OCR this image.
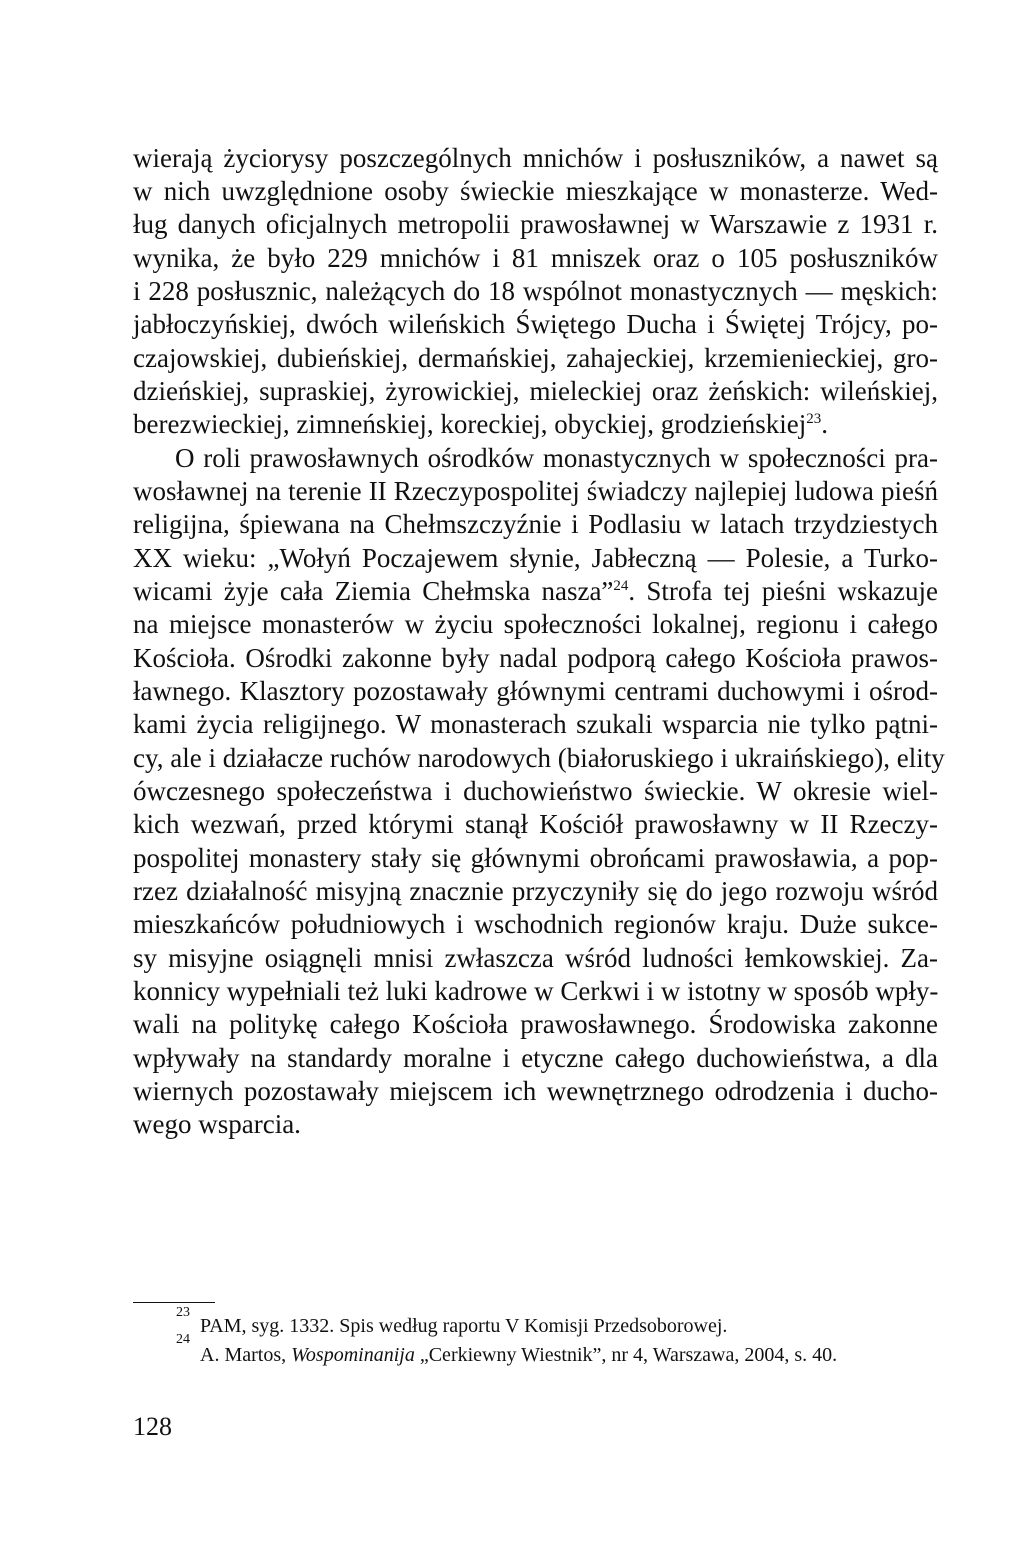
wierają życiorysy poszczególnych mnichów i posłuszników, a nawet są
w nich uwzględnione osoby świeckie mieszkające w monasterze. Wed-
ług danych oficjalnych metropolii prawosławnej w Warszawie z 1931 r.
wynika, że było 229 mnichów i 81 mniszek oraz o 105 posłuszników
i 228 posłusznic, należących do 18 wspólnot monastycznych — męskich:
jabłoczyńskiej, dwóch wileńskich Świętego Ducha i Świętej Trójcy, po-
czajowskiej, dubieńskiej, dermańskiej, zahajeckiej, krzemienieckiej, gro-
dzieńskiej, supraskiej, żyrowickiej, mieleckiej oraz żeńskich: wileńskiej,
berezwieckiej, zimneńskiej, koreckiej, obyckiej, grodzieńskiej$^{23}$.
O roli prawosławnych ośrodków monastycznych w społeczności pra-
wosławnej na terenie II Rzeczypospolitej świadczy najlepiej ludowa pieśń
religijna, śpiewana na Chełmszczyźnie i Podlasiu w latach trzydziestych
XX wieku: „Wołyń Poczajewem słynie, Jabłeczną — Polesie, a Turko-
wicami żyje cała Ziemia Chełmska nasza”$^{24}$. Strofa tej pieśni wskazuje
na miejsce monasterów w życiu społeczności lokalnej, regionu i całego
Kościoła. Ośrodki zakonne były nadal podporą całego Kościoła prawos-
ławnego. Klasztory pozostawały głównymi centrami duchowymi i ośrod-
kami życia religijnego. W monasterach szukali wsparcia nie tylko pątni-
cy, ale i działacze ruchów narodowych (białoruskiego i ukraińskiego), elity
ówczesnego społeczeństwa i duchowieństwo świeckie. W okresie wiel-
kich wezwań, przed którymi stanął Kościół prawosławny w II Rzeczy-
pospolitej monastery stały się głównymi obrońcami prawosławia, a pop-
rzez działalność misyjną znacznie przyczyniły się do jego rozwoju wśród
mieszkańców południowych i wschodnich regionów kraju. Duże sukce-
sy misyjne osiągnęli mnisi zwłaszcza wśród ludności łemkowskiej. Za-
konnicy wypełniali też luki kadrowe w Cerkwi i w istotny w sposób wpły-
wali na politykę całego Kościoła prawosławnego. Środowiska zakonne
wpływały na standardy moralne i etyczne całego duchowieństwa, a dla
wiernych pozostawały miejscem ich wewnętrznego odrodzenia i ducho-
wego wsparcia.
23
PAM, syg. 1332. Spis według raportu V Komisji Przedsoborowej.
24
A. Martos, Wospominanija „Cerkiewny Wiestnik”, nr 4, Warszawa, 2004, s. 40.
128
